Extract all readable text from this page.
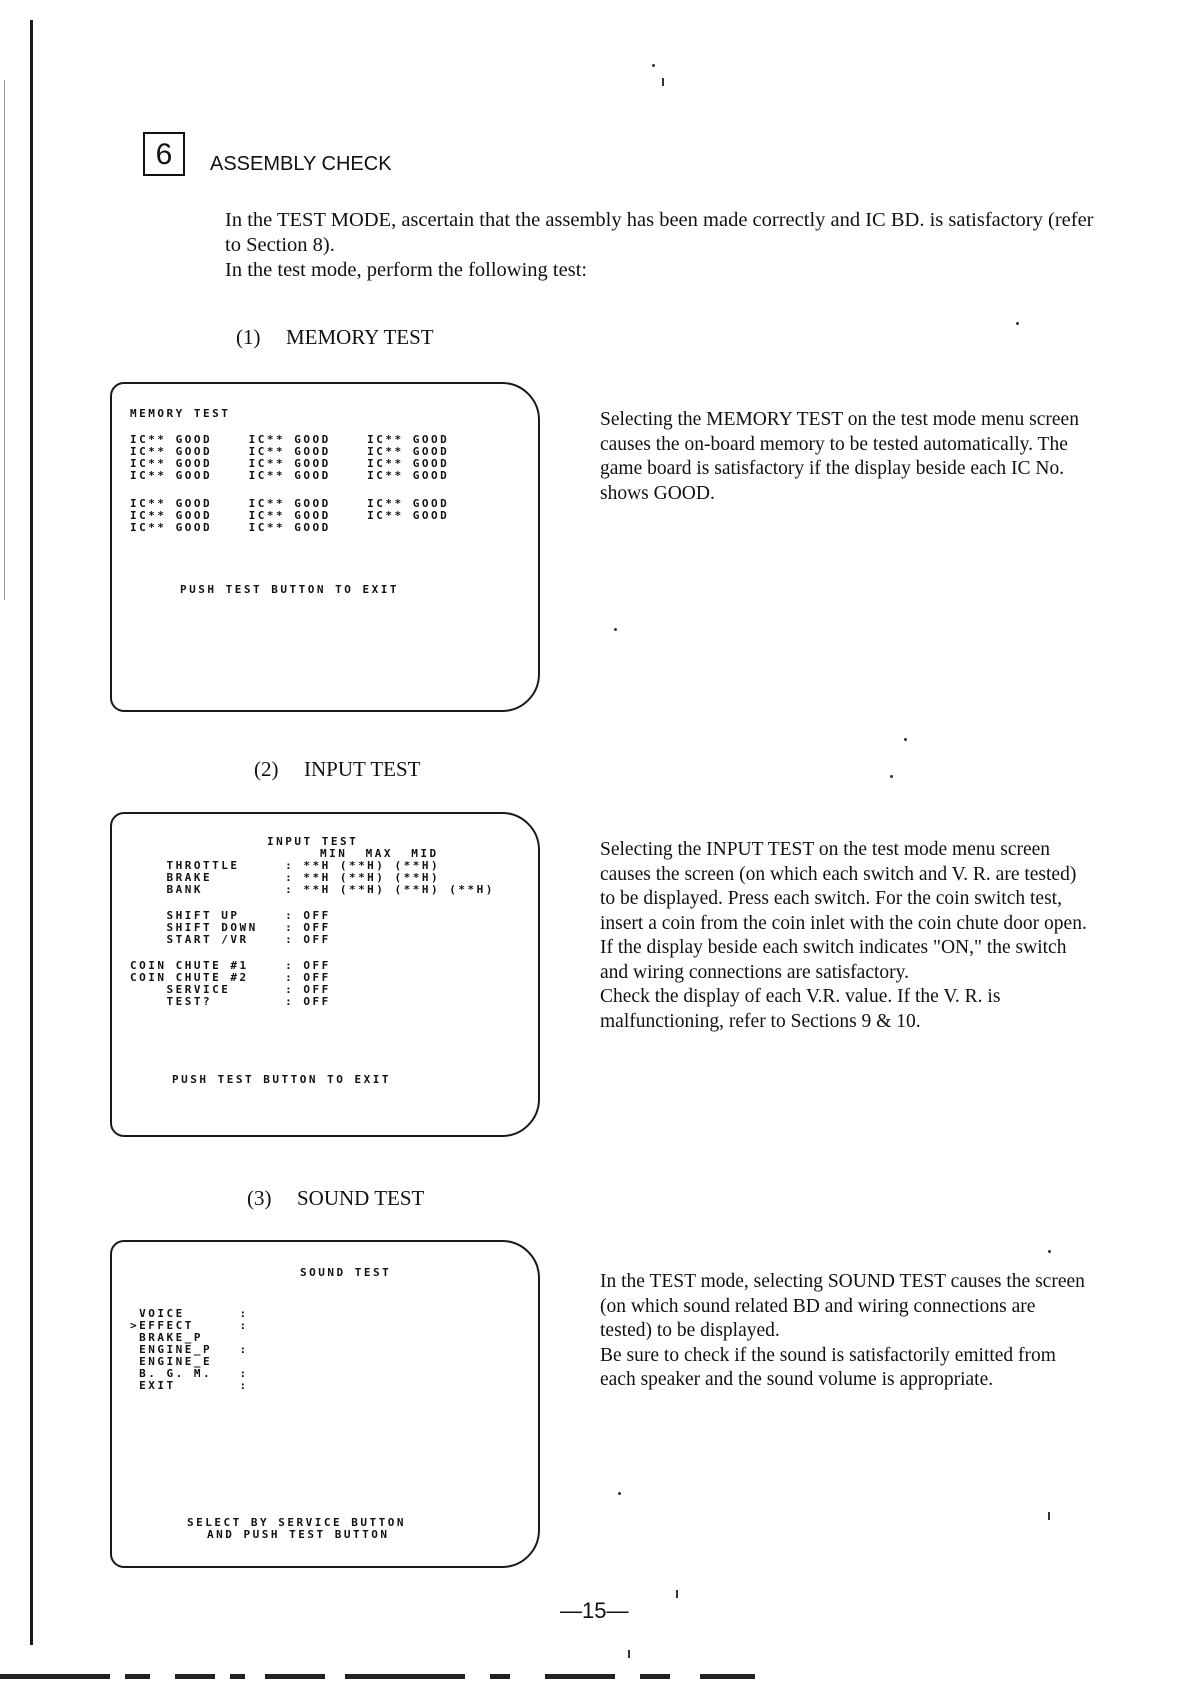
6	ASSEMBLY CHECK

In the TEST MODE, ascertain that the assembly has been made correctly and IC BD. is satisfactory (refer to Section 8).

In the test mode, perform the following test:

(1) MEMORY TEST
MEMORY TEST
IC** GOOD    IC** GOOD    IC** GOOD
IC** GOOD    IC** GOOD    IC** GOOD
IC** GOOD    IC** GOOD    IC** GOOD
IC** GOOD    IC** GOOD    IC** GOOD
IC** GOOD    IC** GOOD    IC** GOOD
IC** GOOD    IC** GOOD    IC** GOOD
IC** GOOD    IC** GOOD
PUSH TEST BUTTON TO EXIT
Selecting the MEMORY TEST on the test mode menu screen causes the on-board memory to be tested automatically. The game board is satisfactory if the display beside each IC No. shows GOOD.
(2) INPUT TEST
INPUT TEST
MIN  MAX  MID
THROTTLE     : **H (**H) (**H)
BRAKE        : **H (**H) (**H)
BANK         : **H (**H) (**H) (**H)
SHIFT UP     : OFF
SHIFT DOWN   : OFF
START /VR    : OFF
COIN CHUTE #1    : OFF
COIN CHUTE #2    : OFF
SERVICE      : OFF
TEST?        : OFF
PUSH TEST BUTTON TO EXIT

Selecting the INPUT TEST on the test mode menu screen causes the screen (on which each switch and V. R. are tested) to be displayed. Press each switch. For the coin switch test, insert a coin from the coin inlet with the coin chute door open. If the display beside each switch indicates "ON," the switch and wiring connections are satisfactory.

Check the display of each V.R. value. If the V. R. is malfunctioning, refer to Sections 9 & 10.

(3) SOUND TEST
SOUND TEST
VOICE      :
>EFFECT     :
BRAKE_P
ENGINE_P   :
ENGINE_E
B. G. M.   :
EXIT       :
SELECT BY SERVICE BUTTON
AND PUSH TEST BUTTON

In the TEST mode, selecting SOUND TEST causes the screen (on which sound related BD and wiring connections are tested) to be displayed.

Be sure to check if the sound is satisfactorily emitted from each speaker and the sound volume is appropriate.

—15—
